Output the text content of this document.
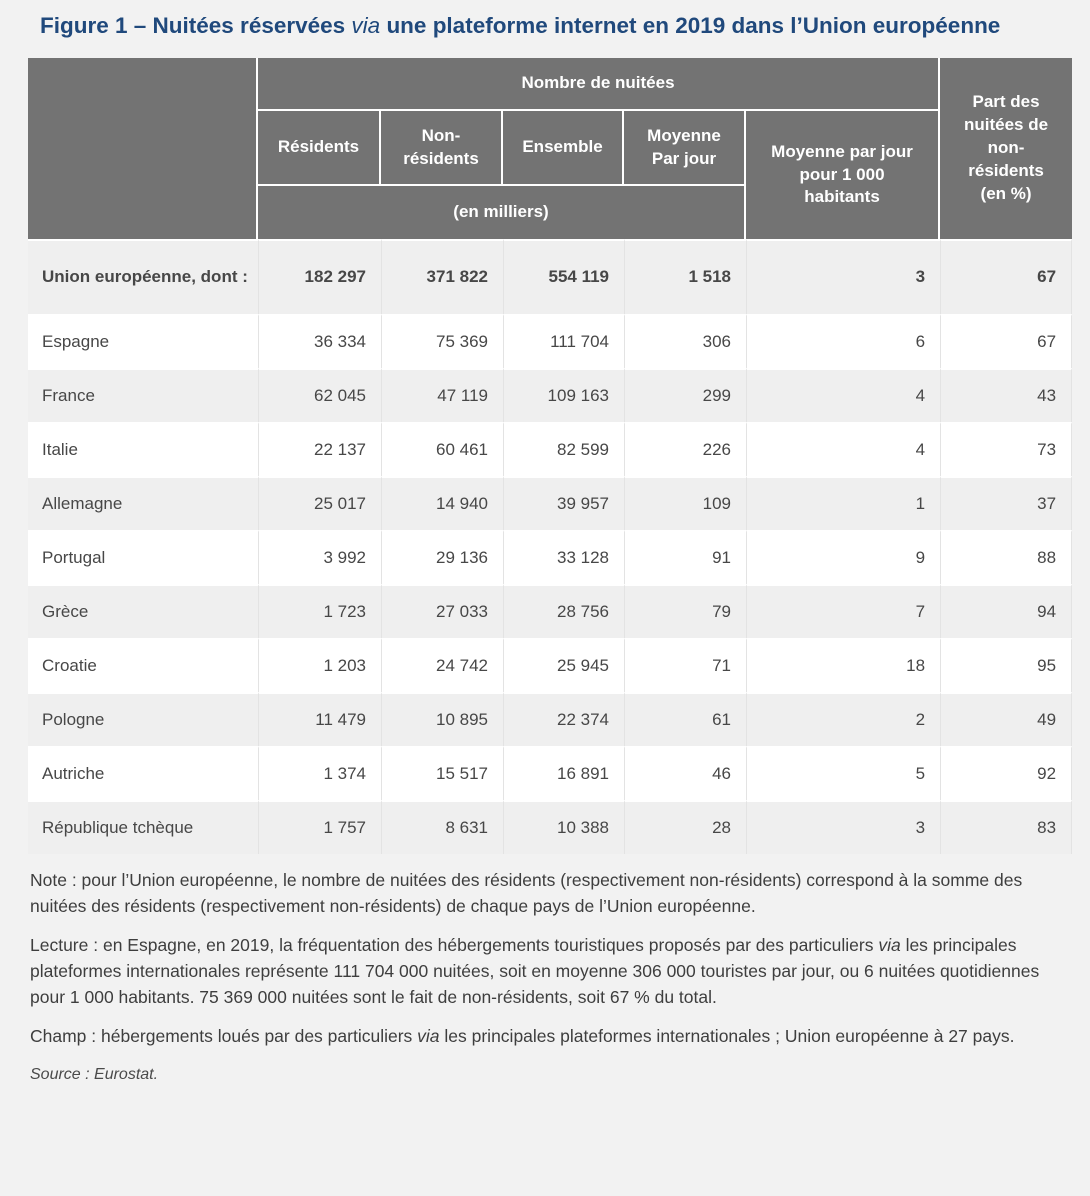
Figure 1 – Nuitées réservées via une plateforme internet en 2019 dans l’Union européenne
	Nombre de nuitées					Part des nuitées de non-résidents (en %)
	Résidents	Non-résidents	Ensemble	Moyenne Par jour	Moyenne par jour pour 1 000 habitants	
	(en milliers)					
Union européenne, dont :	182 297	371 822	554 119	1 518	3	67
Espagne	36 334	75 369	111 704	306	6	67
France	62 045	47 119	109 163	299	4	43
Italie	22 137	60 461	82 599	226	4	73
Allemagne	25 017	14 940	39 957	109	1	37
Portugal	3 992	29 136	33 128	91	9	88
Grèce	1 723	27 033	28 756	79	7	94
Croatie	1 203	24 742	25 945	71	18	95
Pologne	11 479	10 895	22 374	61	2	49
Autriche	1 374	15 517	16 891	46	5	92
République tchèque	1 757	8 631	10 388	28	3	83

Note : pour l’Union européenne, le nombre de nuitées des résidents (respectivement non-résidents) correspond à la somme des nuitées des résidents (respectivement non-résidents) de chaque pays de l’Union européenne.

Lecture : en Espagne, en 2019, la fréquentation des hébergements touristiques proposés par des particuliers via les principales plateformes internationales représente 111 704 000 nuitées, soit en moyenne 306 000 touristes par jour, ou 6 nuitées quotidiennes pour 1 000 habitants. 75 369 000 nuitées sont le fait de non-résidents, soit 67 % du total.

Champ : hébergements loués par des particuliers via les principales plateformes internationales ; Union européenne à 27 pays.

Source : Eurostat.
